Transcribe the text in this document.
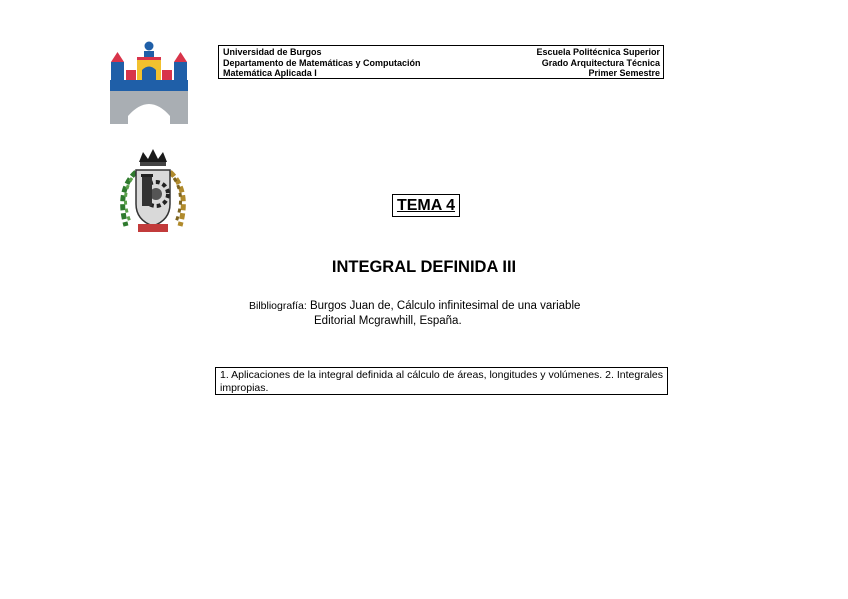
Universidad de Burgos	Escuela Politécnica Superior
Departamento de Matemáticas y Computación	Grado Arquitectura Técnica
Matemática Aplicada I	Primer Semestre
TEMA 4
INTEGRAL DEFINIDA III
Bilbliografía: Burgos Juan de, Cálculo infinitesimal de una variable
Editorial Mcgrawhill, España.
1. Aplicaciones de la integral definida al cálculo de áreas, longitudes y volúmenes. 2. Integrales impropias.
